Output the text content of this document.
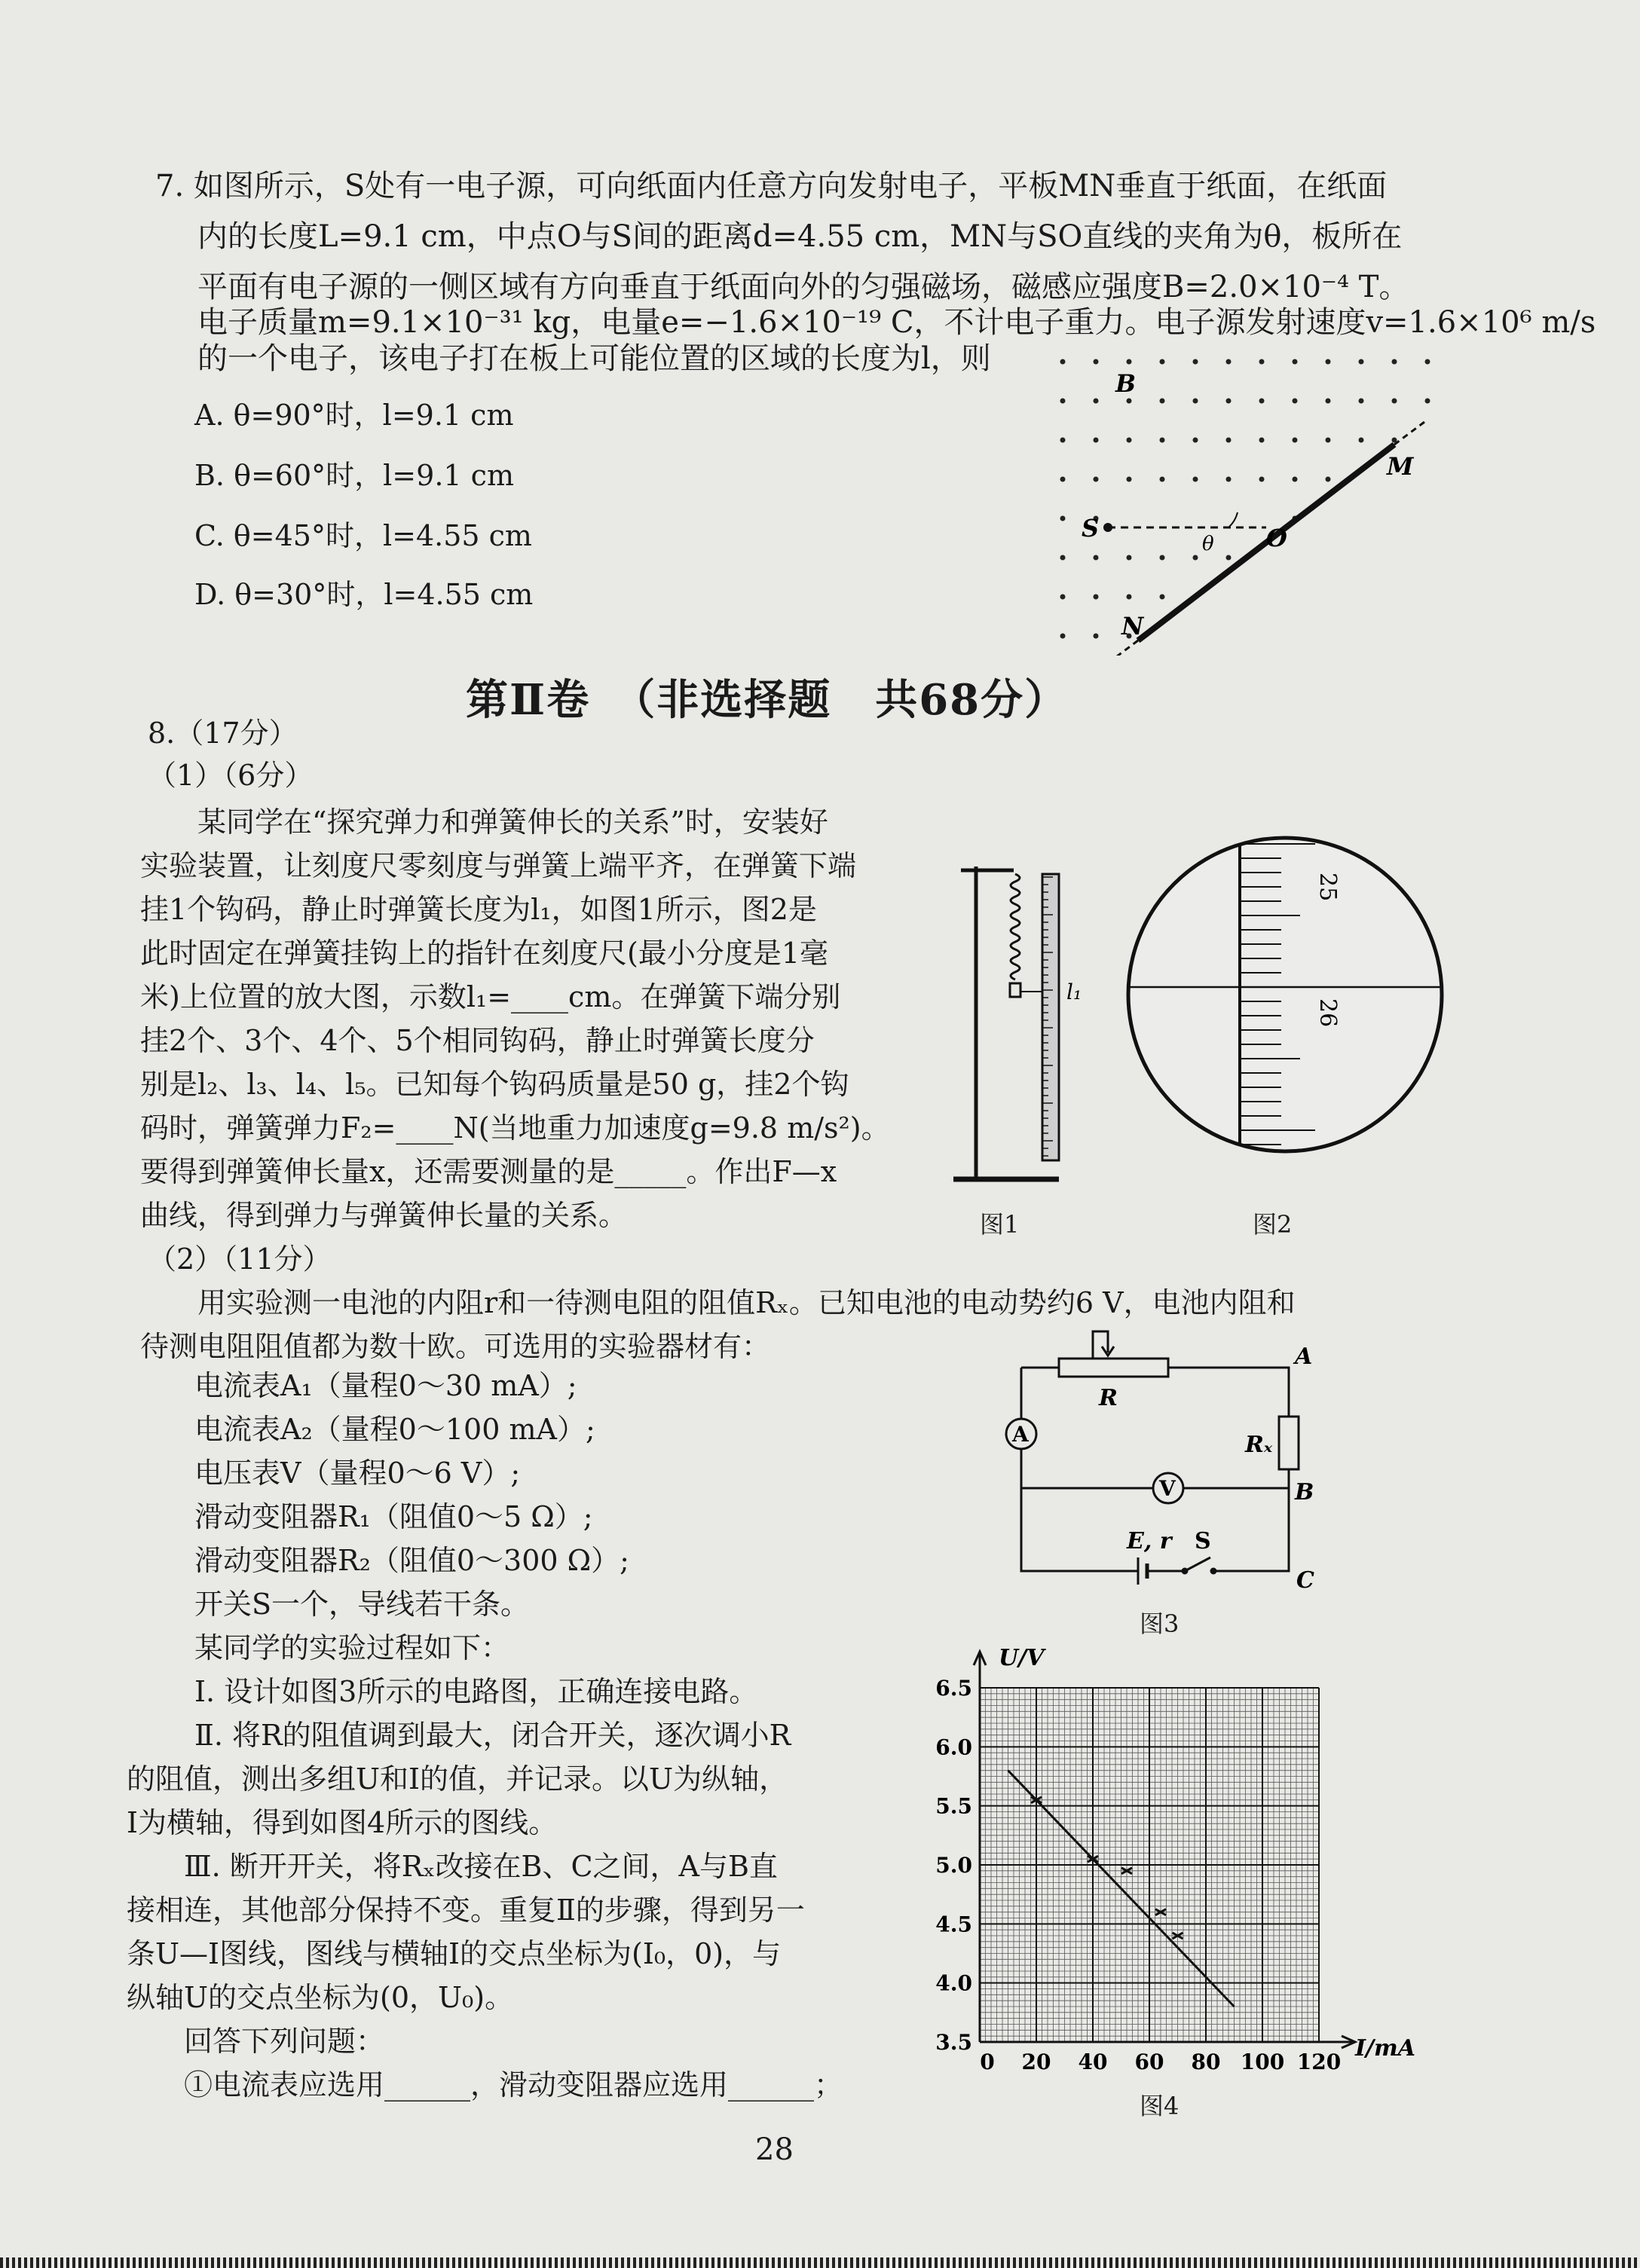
7. 如图所示，S处有一电子源，可向纸面内任意方向发射电子，平板MN垂直于纸面，在纸面
内的长度L=9.1 cm，中点O与S间的距离d=4.55 cm，MN与SO直线的夹角为θ，板所在
平面有电子源的一侧区域有方向垂直于纸面向外的匀强磁场，磁感应强度B=2.0×10⁻⁴ T。
电子质量m=9.1×10⁻³¹ kg，电量e=−1.6×10⁻¹⁹ C，不计电子重力。电子源发射速度v=1.6×10⁶ m/s
的一个电子，该电子打在板上可能位置的区域的长度为l，则
A. θ=90°时，l=9.1 cm
B. θ=60°时，l=9.1 cm
C. θ=45°时，l=4.55 cm
D. θ=30°时，l=4.55 cm
B
M
S	O
θ
N
第Ⅱ卷　（非选择题　共68分）
8.（17分）
（1）（6分）
　　某同学在“探究弹力和弹簧伸长的关系”时，安装好
实验装置，让刻度尺零刻度与弹簧上端平齐，在弹簧下端
挂1个钩码，静止时弹簧长度为l₁，如图1所示，图2是
此时固定在弹簧挂钩上的指针在刻度尺(最小分度是1毫
米)上位置的放大图，示数l₁=____cm。在弹簧下端分别
挂2个、3个、4个、5个相同钩码，静止时弹簧长度分
别是l₂、l₃、l₄、l₅。已知每个钩码质量是50 g，挂2个钩
码时，弹簧弹力F₂=____N(当地重力加速度g=9.8 m/s²)。
要得到弹簧伸长量x，还需要测量的是_____。作出F—x
曲线，得到弹力与弹簧伸长量的关系。
l₁
图1
25
26
图2
（2）（11分）
　　用实验测一电池的内阻r和一待测电阻的阻值Rₓ。已知电池的电动势约6 V，电池内阻和
待测电阻阻值都为数十欧。可选用的实验器材有：
电流表A₁（量程0～30 mA）;
电流表A₂（量程0～100 mA）;
电压表V（量程0～6 V）;
滑动变阻器R₁（阻值0～5 Ω）;
滑动变阻器R₂（阻值0～300 Ω）;
开关S一个，导线若干条。
某同学的实验过程如下：
Ⅰ. 设计如图3所示的电路图，正确连接电路。
Ⅱ. 将R的阻值调到最大，闭合开关，逐次调小R
的阻值，测出多组U和I的值，并记录。以U为纵轴，
I为横轴，得到如图4所示的图线。
　　Ⅲ. 断开开关，将Rₓ改接在B、C之间，A与B直
接相连，其他部分保持不变。重复Ⅱ的步骤，得到另一
条U—I图线，图线与横轴I的交点坐标为(I₀，0)，与
纵轴U的交点坐标为(0，U₀)。
　　回答下列问题：
　　①电流表应选用______，滑动变阻器应选用______；
R
A
Rₓ
V	B
A
E, r S
C
图3
3.5
4.0
4.5
5.0
5.5
6.0
6.5
0 20 40 60 80 100 120
U/V
I/mA
图4
28
